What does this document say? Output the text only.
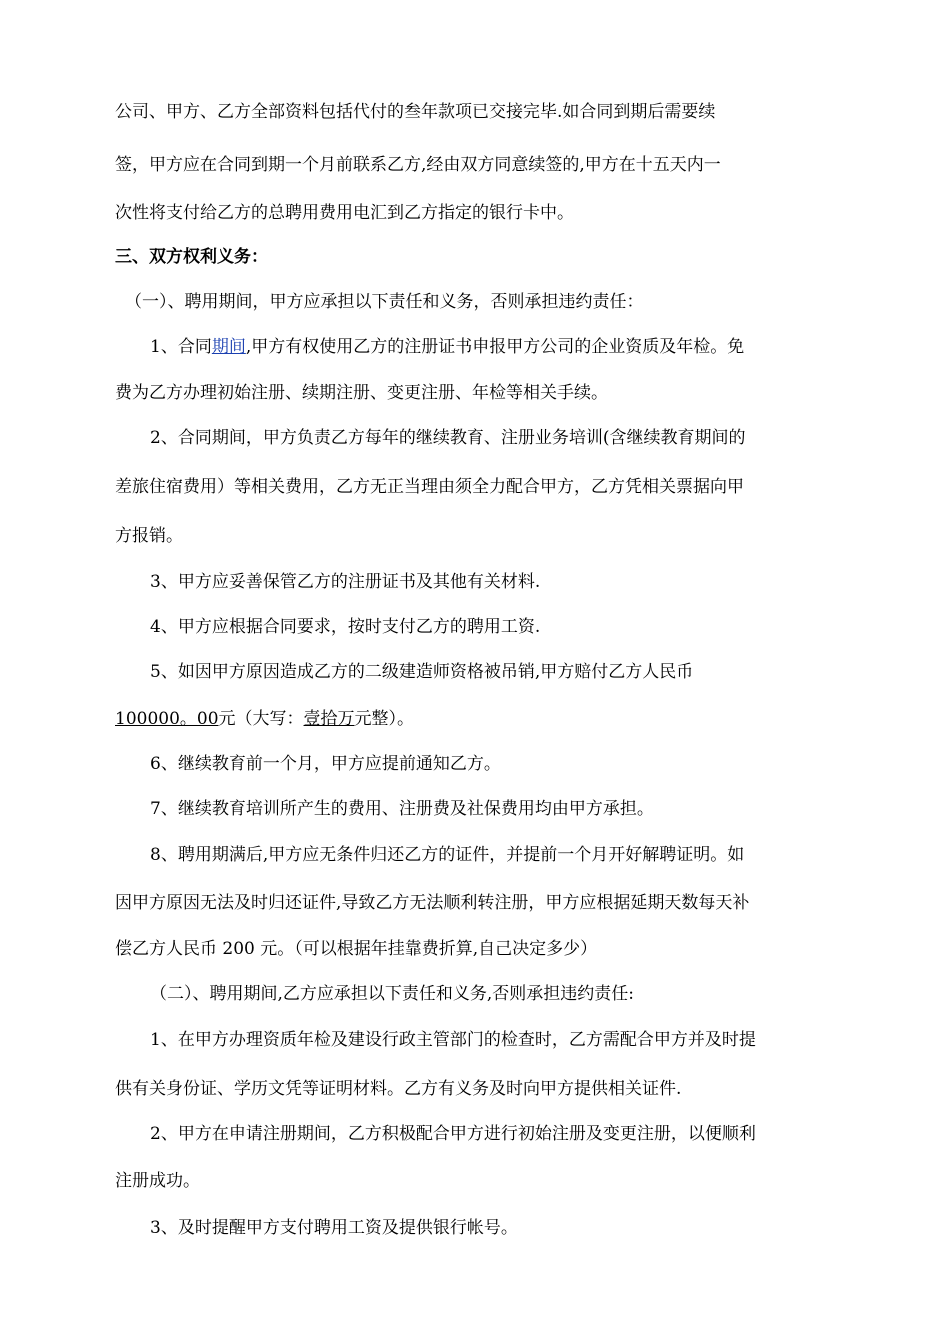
公司、甲方、乙方全部资料包括代付的叁年款项已交接完毕.如合同到期后需要续
签，甲方应在合同到期一个月前联系乙方,经由双方同意续签的,甲方在十五天内一
次性将支付给乙方的总聘用费用电汇到乙方指定的银行卡中。
三、双方权利义务：
（一）、聘用期间，甲方应承担以下责任和义务，否则承担违约责任：
1、合同期间,甲方有权使用乙方的注册证书申报甲方公司的企业资质及年检。免
费为乙方办理初始注册、续期注册、变更注册、年检等相关手续。
2、合同期间，甲方负责乙方每年的继续教育、注册业务培训(含继续教育期间的
差旅住宿费用）等相关费用，乙方无正当理由须全力配合甲方，乙方凭相关票据向甲
方报销。
3、甲方应妥善保管乙方的注册证书及其他有关材料.
4、甲方应根据合同要求，按时支付乙方的聘用工资.
5、如因甲方原因造成乙方的二级建造师资格被吊销,甲方赔付乙方人民币
100000。00元（大写：壹拾万元整）。
6、继续教育前一个月，甲方应提前通知乙方。
7、继续教育培训所产生的费用、注册费及社保费用均由甲方承担。
8、聘用期满后,甲方应无条件归还乙方的证件，并提前一个月开好解聘证明。如
因甲方原因无法及时归还证件,导致乙方无法顺利转注册，甲方应根据延期天数每天补
偿乙方人民币 200 元。（可以根据年挂靠费折算,自己决定多少）
（二）、聘用期间,乙方应承担以下责任和义务,否则承担违约责任:
1、在甲方办理资质年检及建设行政主管部门的检查时，乙方需配合甲方并及时提
供有关身份证、学历文凭等证明材料。乙方有义务及时向甲方提供相关证件.
2、甲方在申请注册期间，乙方积极配合甲方进行初始注册及变更注册，以便顺利
注册成功。
3、及时提醒甲方支付聘用工资及提供银行帐号。
